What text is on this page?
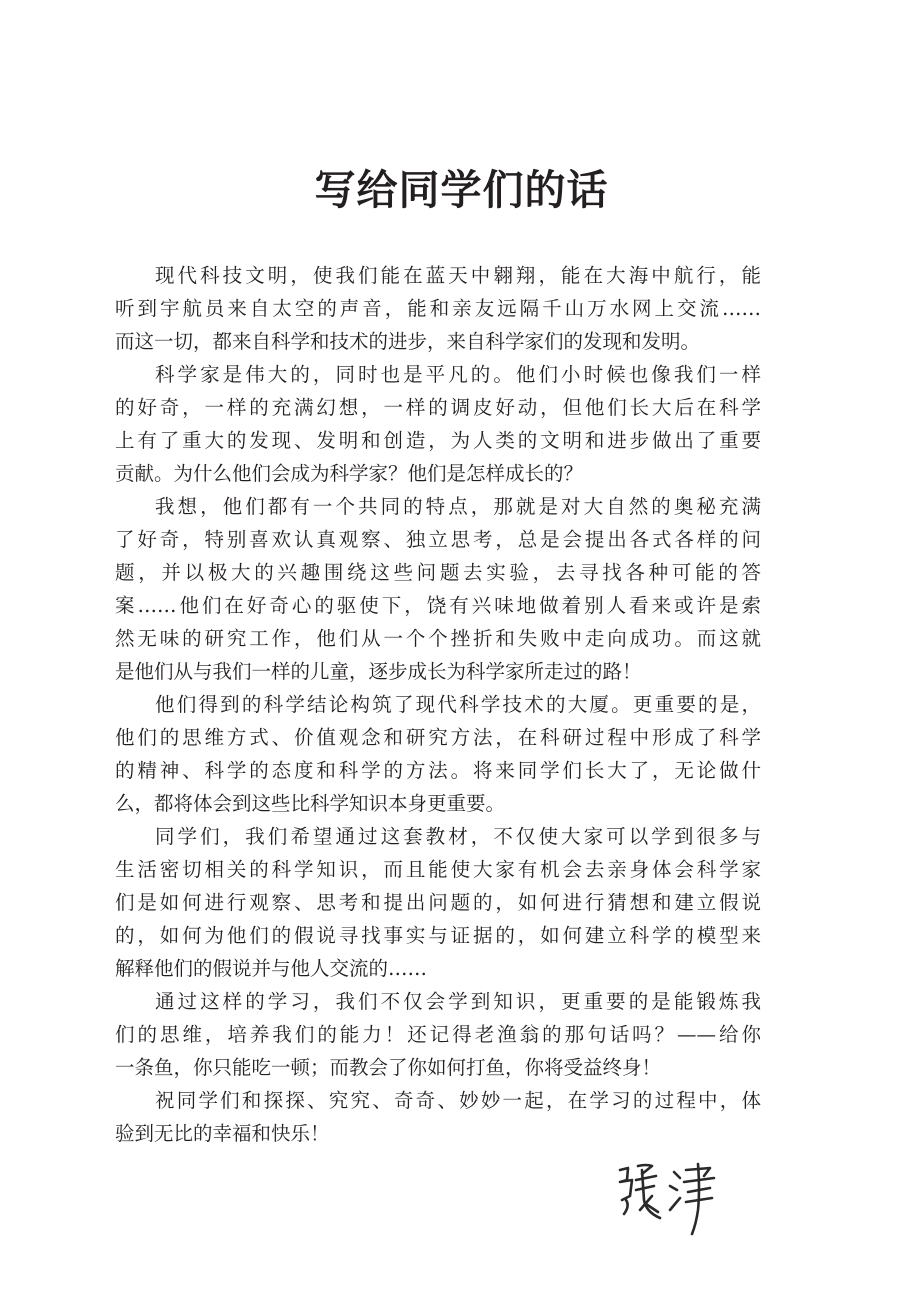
写给同学们的话
现代科技文明，使我们能在蓝天中翱翔，能在大海中航行，能
听到宇航员来自太空的声音，能和亲友远隔千山万水网上交流……
而这一切，都来自科学和技术的进步，来自科学家们的发现和发明。
科学家是伟大的，同时也是平凡的。他们小时候也像我们一样
的好奇，一样的充满幻想，一样的调皮好动，但他们长大后在科学
上有了重大的发现、发明和创造，为人类的文明和进步做出了重要
贡献。为什么他们会成为科学家？他们是怎样成长的？
我想，他们都有一个共同的特点，那就是对大自然的奥秘充满
了好奇，特别喜欢认真观察、独立思考，总是会提出各式各样的问
题，并以极大的兴趣围绕这些问题去实验，去寻找各种可能的答
案……他们在好奇心的驱使下，饶有兴味地做着别人看来或许是索
然无味的研究工作，他们从一个个挫折和失败中走向成功。而这就
是他们从与我们一样的儿童，逐步成长为科学家所走过的路！
他们得到的科学结论构筑了现代科学技术的大厦。更重要的是，
他们的思维方式、价值观念和研究方法，在科研过程中形成了科学
的精神、科学的态度和科学的方法。将来同学们长大了，无论做什
么，都将体会到这些比科学知识本身更重要。
同学们，我们希望通过这套教材，不仅使大家可以学到很多与
生活密切相关的科学知识，而且能使大家有机会去亲身体会科学家
们是如何进行观察、思考和提出问题的，如何进行猜想和建立假说
的，如何为他们的假说寻找事实与证据的，如何建立科学的模型来
解释他们的假说并与他人交流的……
通过这样的学习，我们不仅会学到知识，更重要的是能锻炼我
们的思维，培养我们的能力！还记得老渔翁的那句话吗？——给你
一条鱼，你只能吃一顿；而教会了你如何打鱼，你将受益终身！
祝同学们和探探、究究、奇奇、妙妙一起，在学习的过程中，体
验到无比的幸福和快乐！
